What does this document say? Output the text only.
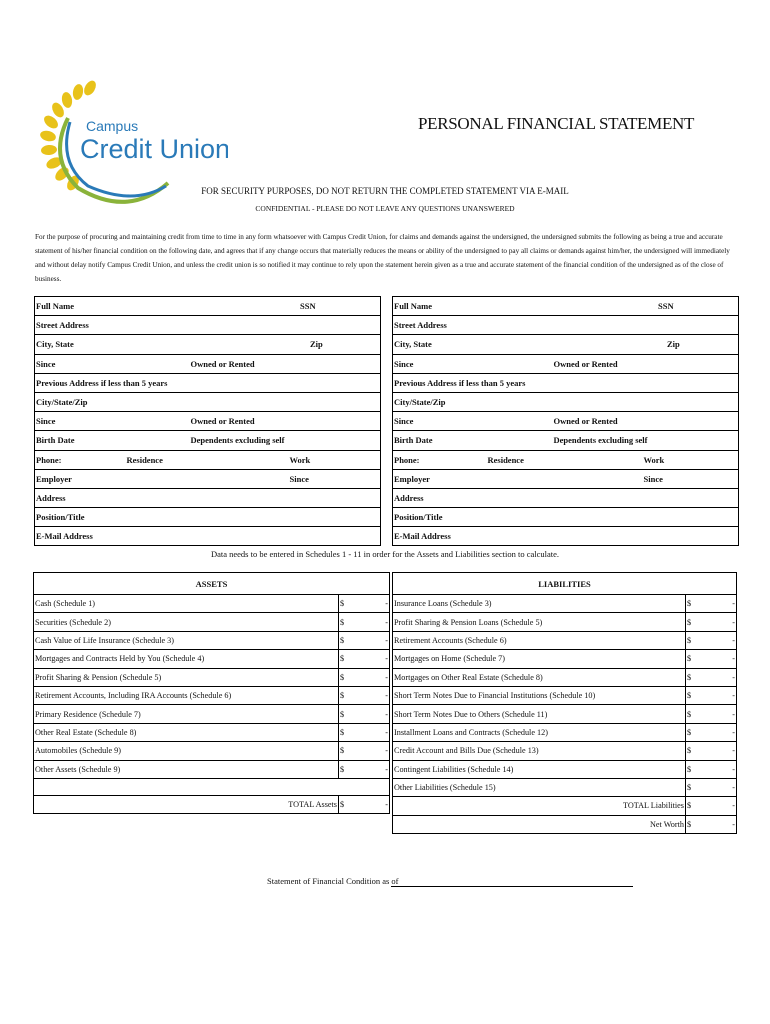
Campus
Credit Union
PERSONAL FINANCIAL STATEMENT
FOR SECURITY PURPOSES, DO NOT RETURN THE COMPLETED STATEMENT VIA E-MAIL
CONFIDENTIAL - PLEASE DO NOT LEAVE ANY QUESTIONS UNANSWERED
For the purpose of procuring and maintaining credit from time to time in any form whatsoever with Campus Credit Union, for claims and demands against the undersigned, the undersigned submits the following as being a true and accurate statement of his/her financial condition on the following date, and agrees that if any change occurs that materially reduces the means or ability of the undersigned to pay all claims or demands against him/her, the undersigned will immediately and without delay notify Campus Credit Union, and unless the credit union is so notified it may continue to rely upon the statement herein given as a true and accurate statement of the financial condition of the undersigned as of the close of business.
Full Name	SSN
Street Address	
City, State	Zip
Since Owned or Rented	

Previous Address if less than 5 years	
City/State/Zip	
Since Owned or Rented	

Birth Date Dependents excluding self	

Phone: Residence Work	

Employer Since	

Address	
Position/Title	
E-Mail Address	
Full Name	SSN
Street Address	
City, State	Zip
Since Owned or Rented	

Previous Address if less than 5 years	
City/State/Zip	
Since Owned or Rented	

Birth Date Dependents excluding self	

Phone: Residence Work	

Employer Since	

Address	
Position/Title	
E-Mail Address	
Data needs to be entered in Schedules 1 - 11 in order for the Assets and Liabilities section to calculate.
ASSETS		
Cash (Schedule 1)	$	-
Securities (Schedule 2)	$	-
Cash Value of Life Insurance (Schedule 3)	$	-
Mortgages and Contracts Held by You (Schedule 4)	$	-
Profit Sharing & Pension (Schedule 5)	$	-
Retirement Accounts, Including IRA Accounts (Schedule 6)	$	-
Primary Residence (Schedule 7)	$	-
Other Real Estate (Schedule 8)	$	-
Automobiles (Schedule 9)	$	-
Other Assets (Schedule 9)	$	-

TOTAL Assets	$	-
LIABILITIES		
Insurance Loans (Schedule 3)	$	-
Profit Sharing & Pension Loans (Schedule 5)	$	-
Retirement Accounts (Schedule 6)	$	-
Mortgages on Home (Schedule 7)	$	-
Mortgages on Other Real Estate (Schedule 8)	$	-
Short Term Notes Due to Financial Institutions (Schedule 10)	$	-
Short Term Notes Due to Others (Schedule 11)	$	-
Installment Loans and Contracts (Schedule 12)	$	-
Credit Account and Bills Due (Schedule 13)	$	-
Contingent Liabilities (Schedule 14)	$	-
Other Liabilities (Schedule 15)	$	-
TOTAL Liabilities	$	-
Net Worth	$	-
Statement of Financial Condition as of
